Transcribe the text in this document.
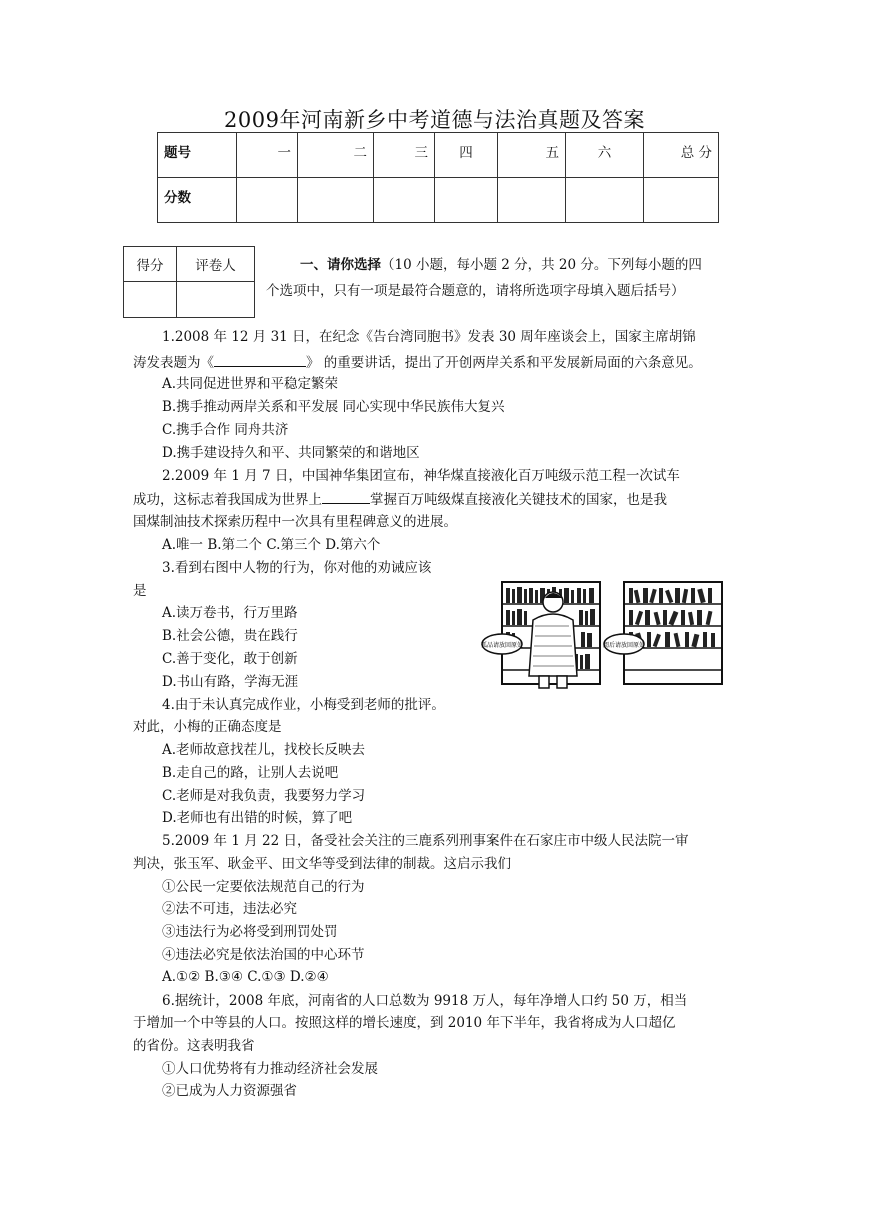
2009年河南新乡中考道德与法治真题及答案
题号	一	二	三	四	五	六	总 分
分数							
得分	评卷人
		一、请你选择（10 小题，每小题 2 分，共 20 分。下列每小题的四
个选项中，只有一项是最符合题意的，请将所选项字母填入题后括号）
1.2008 年 12 月 31 日，在纪念《告台湾同胞书》发表 30 周年座谈会上，国家主席胡锦
涛发表题为《	》 的重要讲话，提出了开创两岸关系和平发展新局面的六条意见。
A.共同促进世界和平稳定繁荣
B.携手推动两岸关系和平发展 同心实现中华民族伟大复兴
C.携手合作 同舟共济
D.携手建设持久和平、共同繁荣的和谐地区
2.2009 年 1 月 7 日，中国神华集团宣布，神华煤直接液化百万吨级示范工程一次试车
成功，这标志着我国成为世界上	掌握百万吨级煤直接液化关键技术的国家，也是我
国煤制油技术探索历程中一次具有里程碑意义的进展。
A.唯一 B.第二个 C.第三个 D.第六个
3.看到右图中人物的行为，你对他的劝诫应该
是
A.读万卷书，行万里路
B.社会公德，贵在践行
C.善于变化，敢于创新
D.书山有路，学海无涯
孤品请放回原处	阅后请放回原处
4.由于未认真完成作业，小梅受到老师的批评。
对此，小梅的正确态度是
A.老师故意找茬儿，找校长反映去
B.走自己的路，让别人去说吧
C.老师是对我负责，我要努力学习
D.老师也有出错的时候，算了吧
5.2009 年 1 月 22 日，备受社会关注的三鹿系列刑事案件在石家庄市中级人民法院一审
判决，张玉军、耿金平、田文华等受到法律的制裁。这启示我们
①公民一定要依法规范自己的行为
②法不可违，违法必究
③违法行为必将受到刑罚处罚
④违法必究是依法治国的中心环节
A.①② B.③④ C.①③ D.②④
6.据统计，2008 年底，河南省的人口总数为 9918 万人，每年净增人口约 50 万，相当
于增加一个中等县的人口。按照这样的增长速度，到 2010 年下半年，我省将成为人口超亿
的省份。这表明我省
①人口优势将有力推动经济社会发展
②已成为人力资源强省
